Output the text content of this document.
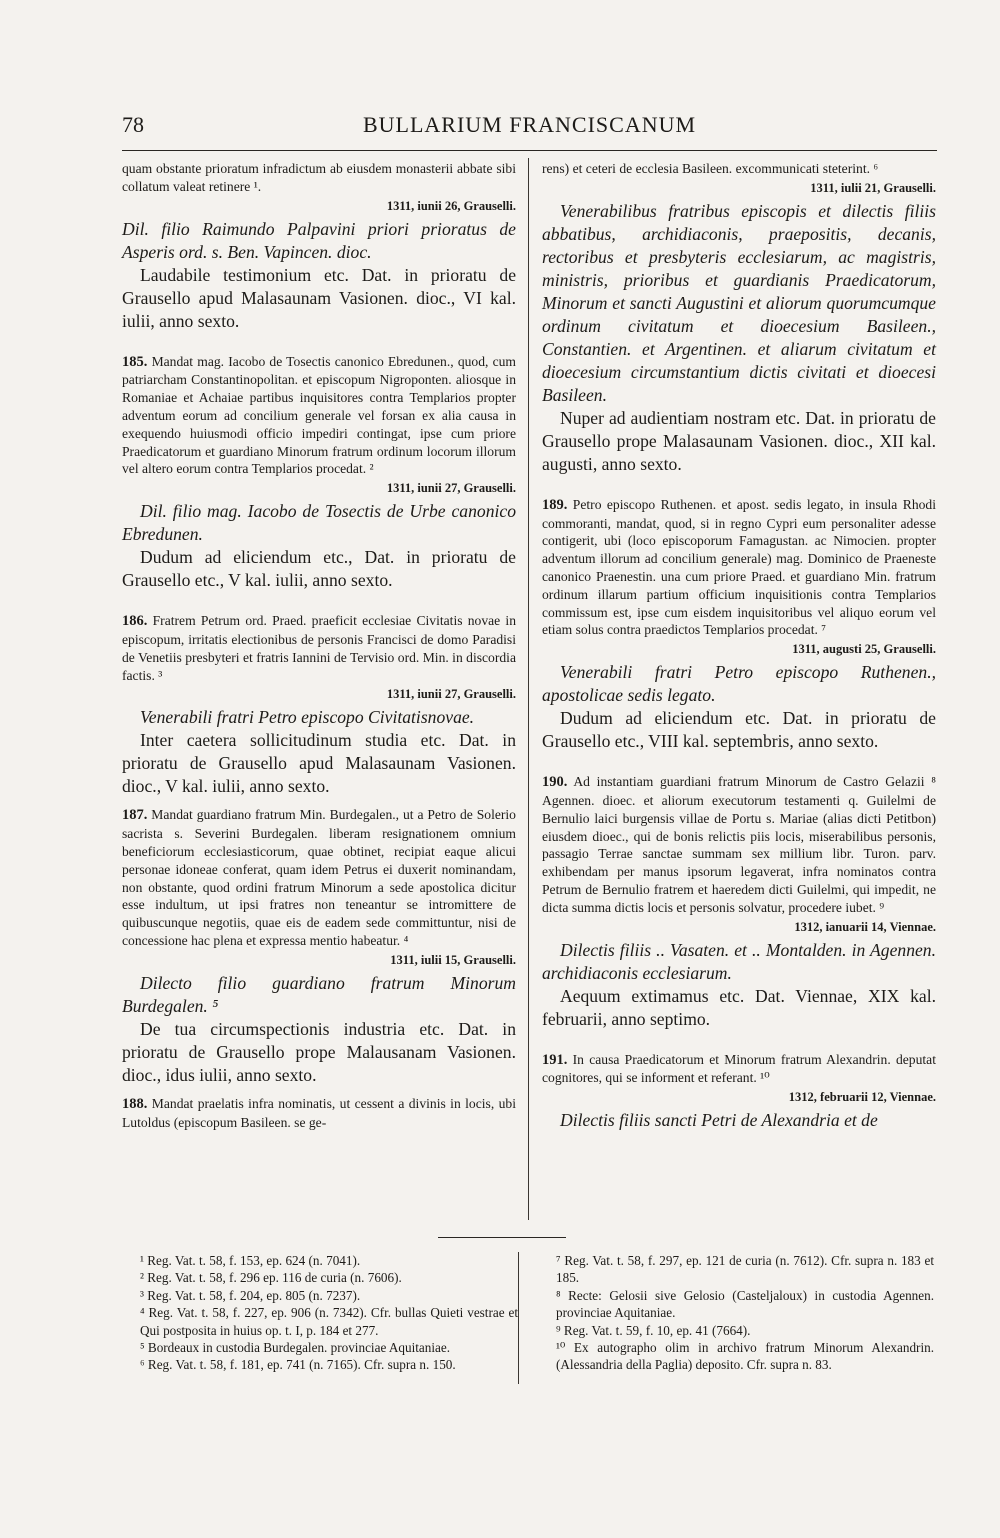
78	BULLARIUM FRANCISCANUM

quam obstante prioratum infradictum ab eiusdem monasterii abbate sibi collatum valeat retinere ¹.

1311, iunii 26, Grauselli.

Dil. filio Raimundo Palpavini priori prioratus de Asperis ord. s. Ben. Vapincen. dioc.

Laudabile testimonium etc. Dat. in prioratu de Grausello apud Malasaunam Vasionen. dioc., VI kal. iulii, anno sexto.

185. Mandat mag. Iacobo de Tosectis canonico Ebredunen., quod, cum patriarcham Constantinopolitan. et episcopum Nigroponten. aliosque in Romaniae et Achaiae partibus inquisitores contra Templarios propter adventum eorum ad concilium generale vel forsan ex alia causa in exequendo huiusmodi officio impediri contingat, ipse cum priore Praedicatorum et guardiano Minorum fratrum ordinum locorum illorum vel altero eorum contra Templarios procedat. ²

1311, iunii 27, Grauselli.

Dil. filio mag. Iacobo de Tosectis de Urbe canonico Ebredunen.

Dudum ad eliciendum etc., Dat. in prioratu de Grausello etc., V kal. iulii, anno sexto.

186. Fratrem Petrum ord. Praed. praeficit ecclesiae Civitatis novae in episcopum, irritatis electionibus de personis Francisci de domo Paradisi de Venetiis presbyteri et fratris Iannini de Tervisio ord. Min. in discordia factis. ³

1311, iunii 27, Grauselli.

Venerabili fratri Petro episcopo Civitatisnovae.

Inter caetera sollicitudinum studia etc. Dat. in prioratu de Grausello apud Malasaunam Vasionen. dioc., V kal. iulii, anno sexto.

187. Mandat guardiano fratrum Min. Burdegalen., ut a Petro de Solerio sacrista s. Severini Burdegalen. liberam resignationem omnium beneficiorum ecclesiasticorum, quae obtinet, recipiat eaque alicui personae idoneae conferat, quam idem Petrus ei duxerit nominandam, non obstante, quod ordini fratrum Minorum a sede apostolica dicitur esse indultum, ut ipsi fratres non teneantur se intromittere de quibuscunque negotiis, quae eis de eadem sede committuntur, nisi de concessione hac plena et expressa mentio habeatur. ⁴

1311, iulii 15, Grauselli.

Dilecto filio guardiano fratrum Minorum Burdegalen. ⁵

De tua circumspectionis industria etc. Dat. in prioratu de Grausello prope Malausanam Vasionen. dioc., idus iulii, anno sexto.

188. Mandat praelatis infra nominatis, ut cessent a divinis in locis, ubi Lutoldus (episcopum Basileen. se ge-

rens) et ceteri de ecclesia Basileen. excommunicati steterint. ⁶

1311, iulii 21, Grauselli.

Venerabilibus fratribus episcopis et dilectis filiis abbatibus, archidiaconis, praepositis, decanis, rectoribus et presbyteris ecclesiarum, ac magistris, ministris, prioribus et guardianis Praedicatorum, Minorum et sancti Augustini et aliorum quorumcumque ordinum civitatum et dioecesium Basileen., Constantien. et Argentinen. et aliarum civitatum et dioecesium circumstantium dictis civitati et dioecesi Basileen.

Nuper ad audientiam nostram etc. Dat. in prioratu de Grausello prope Malasaunam Vasionen. dioc., XII kal. augusti, anno sexto.

189. Petro episcopo Ruthenen. et apost. sedis legato, in insula Rhodi commoranti, mandat, quod, si in regno Cypri eum personaliter adesse contigerit, ubi (loco episcoporum Famagustan. ac Nimocien. propter adventum illorum ad concilium generale) mag. Dominico de Praeneste canonico Praenestin. una cum priore Praed. et guardiano Min. fratrum ordinum illarum partium officium inquisitionis contra Templarios commissum est, ipse cum eisdem inquisitoribus vel aliquo eorum vel etiam solus contra praedictos Templarios procedat. ⁷

1311, augusti 25, Grauselli.

Venerabili fratri Petro episcopo Ruthenen., apostolicae sedis legato.

Dudum ad eliciendum etc. Dat. in prioratu de Grausello etc., VIII kal. septembris, anno sexto.

190. Ad instantiam guardiani fratrum Minorum de Castro Gelazii ⁸ Agennen. dioec. et aliorum executorum testamenti q. Guilelmi de Bernulio laici burgensis villae de Portu s. Mariae (alias dicti Petitbon) eiusdem dioec., qui de bonis relictis piis locis, miserabilibus personis, passagio Terrae sanctae summam sex millium libr. Turon. parv. exhibendam per manus ipsorum legaverat, infra nominatos contra Petrum de Bernulio fratrem et haeredem dicti Guilelmi, qui impedit, ne dicta summa dictis locis et personis solvatur, procedere iubet. ⁹

1312, ianuarii 14, Viennae.

Dilectis filiis .. Vasaten. et .. Montalden. in Agennen. archidiaconis ecclesiarum.

Aequum extimamus etc. Dat. Viennae, XIX kal. februarii, anno septimo.

191. In causa Praedicatorum et Minorum fratrum Alexandrin. deputat cognitores, qui se informent et referant. ¹⁰

1312, februarii 12, Viennae.

Dilectis filiis sancti Petri de Alexandria et de

¹ Reg. Vat. t. 58, f. 153, ep. 624 (n. 7041).

² Reg. Vat. t. 58, f. 296 ep. 116 de curia (n. 7606).

³ Reg. Vat. t. 58, f. 204, ep. 805 (n. 7237).

⁴ Reg. Vat. t. 58, f. 227, ep. 906 (n. 7342). Cfr. bullas Quieti vestrae et Qui postposita in huius op. t. I, p. 184 et 277.

⁵ Bordeaux in custodia Burdegalen. provinciae Aquitaniae.

⁶ Reg. Vat. t. 58, f. 181, ep. 741 (n. 7165). Cfr. supra n. 150.

⁷ Reg. Vat. t. 58, f. 297, ep. 121 de curia (n. 7612). Cfr. supra n. 183 et 185.

⁸ Recte: Gelosii sive Gelosio (Casteljaloux) in custodia Agennen. provinciae Aquitaniae.

⁹ Reg. Vat. t. 59, f. 10, ep. 41 (7664).

¹⁰ Ex autographo olim in archivo fratrum Minorum Alexandrin. (Alessandria della Paglia) deposito. Cfr. supra n. 83.
